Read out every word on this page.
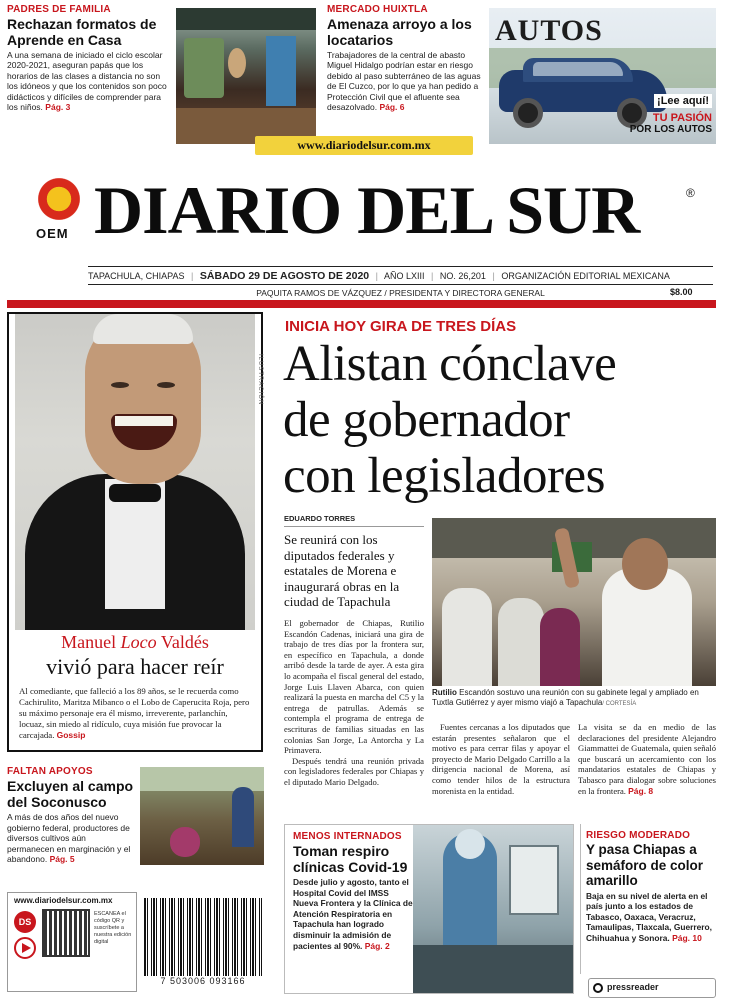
PADRES DE FAMILIA
Rechazan formatos de Aprende en Casa
A una semana de iniciado el ciclo escolar 2020-2021, aseguran papás que los horarios de las clases a distancia no son los idóneos y que los contenidos son poco didácticos y difíciles de comprender para los niños. Pág. 3
MERCADO HUIXTLA
Amenaza arroyo a los locatarios
Trabajadores de la central de abasto Miguel Hidalgo podrían estar en riesgo debido al paso subterráneo de las aguas de El Cuzco, por lo que ya han pedido a Protección Civil que el afluente sea desazolvado. Pág. 6
AUTOS
¡Lee aquí!
TU PASIÓN
POR LOS AUTOS
www.diariodelsur.com.mx
OEM DIARIO DEL SUR	®
TAPACHULA, CHIAPAS | SÁBADO 29 DE AGOSTO DE 2020 | AÑO LXIII | NO. 26,201 | ORGANIZACIÓN EDITORIAL MEXICANA
PAQUITA RAMOS DE VÁZQUEZ / PRESIDENTA Y DIRECTORA GENERAL	$8.00
ILUSTRACIÓN
Manuel Loco Valdés
vivió para hacer reír
Al comediante, que falleció a los 89 años, se le recuerda como Cachirulito, Maritza Mibanco o el Lobo de Caperucita Roja, pero su máximo personaje era él mismo, irreverente, parlanchín, locuaz, sin miedo al ridículo, cuya misión fue provocar la carcajada. Gossip
INICIA HOY GIRA DE TRES DÍAS
Alistan cónclave
de gobernador
con legisladores
EDUARDO TORRES
Se reunirá con los diputados federales y estatales de Morena e inaugurará obras en la ciudad de Tapachula
El gobernador de Chiapas, Rutilio Escandón Cadenas, iniciará una gira de trabajo de tres días por la frontera sur, en específico en Tapachula, a donde arribó desde la tarde de ayer. A esta gira lo acompaña el fiscal general del estado, Jorge Luis Llaven Abarca, con quien realizará la puesta en marcha del C5 y la entrega de patrullas. Además se contempla el programa de entrega de escrituras de familias situadas en las colonias San Jorge, La Antorcha y La Primavera.
Después tendrá una reunión privada con legisladores federales por Chiapas y el diputado Mario Delgado.
Rutilio Escandón sostuvo una reunión con su gabinete legal y ampliado en Tuxtla Gutiérrez y ayer mismo viajó a Tapachula/ CORTESÍA
Fuentes cercanas a los diputados que estarán presentes señalaron que el motivo es para cerrar filas y apoyar el proyecto de Mario Delgado Carrillo a la dirigencia nacional de Morena, así como tender hilos de la estructura morenista en la entidad.
La visita se da en medio de las declaraciones del presidente Alejandro Giammattei de Guatemala, quien señaló que buscará un acercamiento con los mandatarios estatales de Chiapas y Tabasco para dialogar sobre soluciones en la frontera. Pág. 8
FALTAN APOYOS
Excluyen al campo del Soconusco
A más de dos años del nuevo gobierno federal, productores de diversos cultivos aún permanecen en marginación y el abandono. Pág. 5
www.diariodelsur.com.mx
DS
ESCANEA el código QR y suscríbete a nuestra edición digital
7 503006 093166
MENOS INTERNADOS
Toman respiro clínicas Covid-19
Desde julio y agosto, tanto el Hospital Covid del IMSS Nueva Frontera y la Clínica de Atención Respiratoria en Tapachula han logrado disminuir la admisión de pacientes al 90%. Pág. 2
RIESGO MODERADO
Y pasa Chiapas a semáforo de color amarillo
Baja en su nivel de alerta en el país junto a los estados de Tabasco, Oaxaca, Veracruz, Tamaulipas, Tlaxcala, Guerrero, Chihuahua y Sonora. Pág. 10
pressreader
